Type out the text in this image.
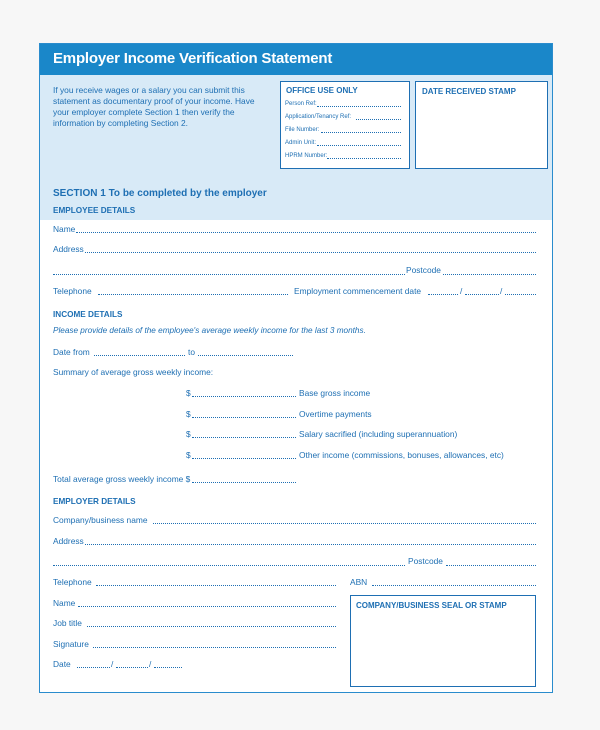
Employer Income Verification Statement
If you receive wages or a salary you can submit this statement as documentary proof of your income. Have your employer complete Section 1 then verify the information by completing Section 2.
OFFICE USE ONLY
Person Ref:
Application/Tenancy Ref:
File Number:
Admin Unit:
HPRM Number:
DATE RECEIVED STAMP
SECTION 1 To be completed by the employer
EMPLOYEE DETAILS
Name
Address
Postcode
Telephone	Employment commencement date	/	/
INCOME DETAILS
Please provide details of the employee's average weekly income for the last 3 months.
Date from	to
Summary of average gross weekly income:
$	Base gross income
$	Overtime payments
$	Salary sacrified (including superannuation)
$	Other income (commissions, bonuses, allowances, etc)
Total average gross weekly income $
EMPLOYER DETAILS
Company/business name
Address
Postcode
Telephone	ABN
Name
Job title
Signature
Date	/	/
COMPANY/BUSINESS SEAL OR STAMP
